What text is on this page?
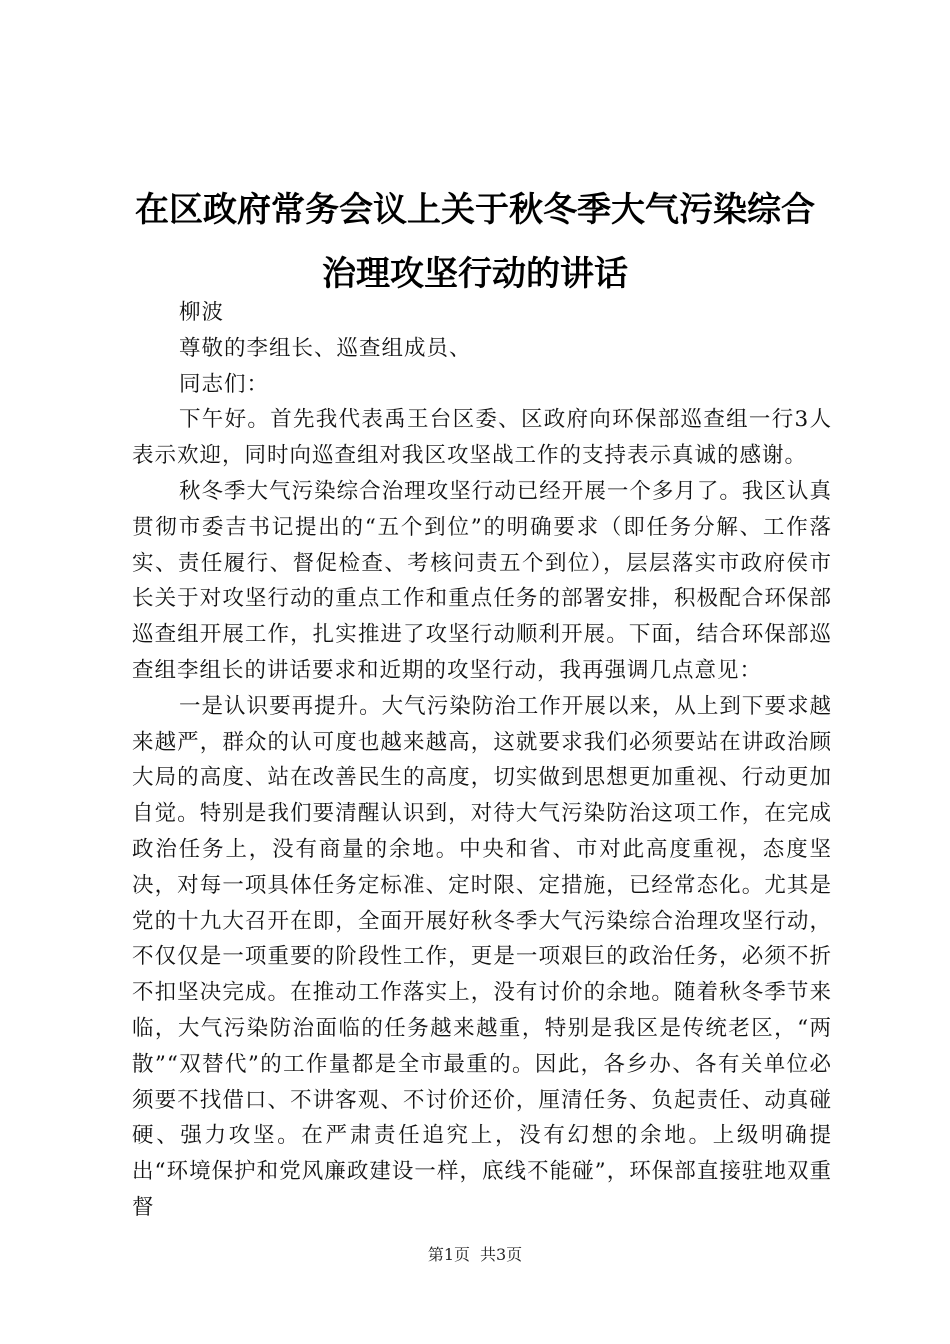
在区政府常务会议上关于秋冬季大气污染综合
治理攻坚行动的讲话

柳波

尊敬的李组长、巡查组成员、

同志们：

下午好。首先我代表禹王台区委、区政府向环保部巡查组一行3人表示欢迎，同时向巡查组对我区攻坚战工作的支持表示真诚的感谢。

秋冬季大气污染综合治理攻坚行动已经开展一个多月了。我区认真贯彻市委吉书记提出的“五个到位”的明确要求（即任务分解、工作落实、责任履行、督促检查、考核问责五个到位），层层落实市政府侯市长关于对攻坚行动的重点工作和重点任务的部署安排，积极配合环保部巡查组开展工作，扎实推进了攻坚行动顺利开展。下面，结合环保部巡查组李组长的讲话要求和近期的攻坚行动，我再强调几点意见：

一是认识要再提升。大气污染防治工作开展以来，从上到下要求越来越严，群众的认可度也越来越高，这就要求我们必须要站在讲政治顾大局的高度、站在改善民生的高度，切实做到思想更加重视、行动更加自觉。特别是我们要清醒认识到，对待大气污染防治这项工作，在完成政治任务上，没有商量的余地。中央和省、市对此高度重视，态度坚决，对每一项具体任务定标准、定时限、定措施，已经常态化。尤其是党的十九大召开在即，全面开展好秋冬季大气污染综合治理攻坚行动，不仅仅是一项重要的阶段性工作，更是一项艰巨的政治任务，必须不折不扣坚决完成。在推动工作落实上，没有讨价的余地。随着秋冬季节来临，大气污染防治面临的任务越来越重，特别是我区是传统老区，“两散”“双替代”的工作量都是全市最重的。因此，各乡办、各有关单位必须要不找借口、不讲客观、不讨价还价，厘清任务、负起责任、动真碰硬、强力攻坚。在严肃责任追究上，没有幻想的余地。上级明确提出“环境保护和党风廉政建设一样，底线不能碰”，环保部直接驻地双重督

第1页 共3页
